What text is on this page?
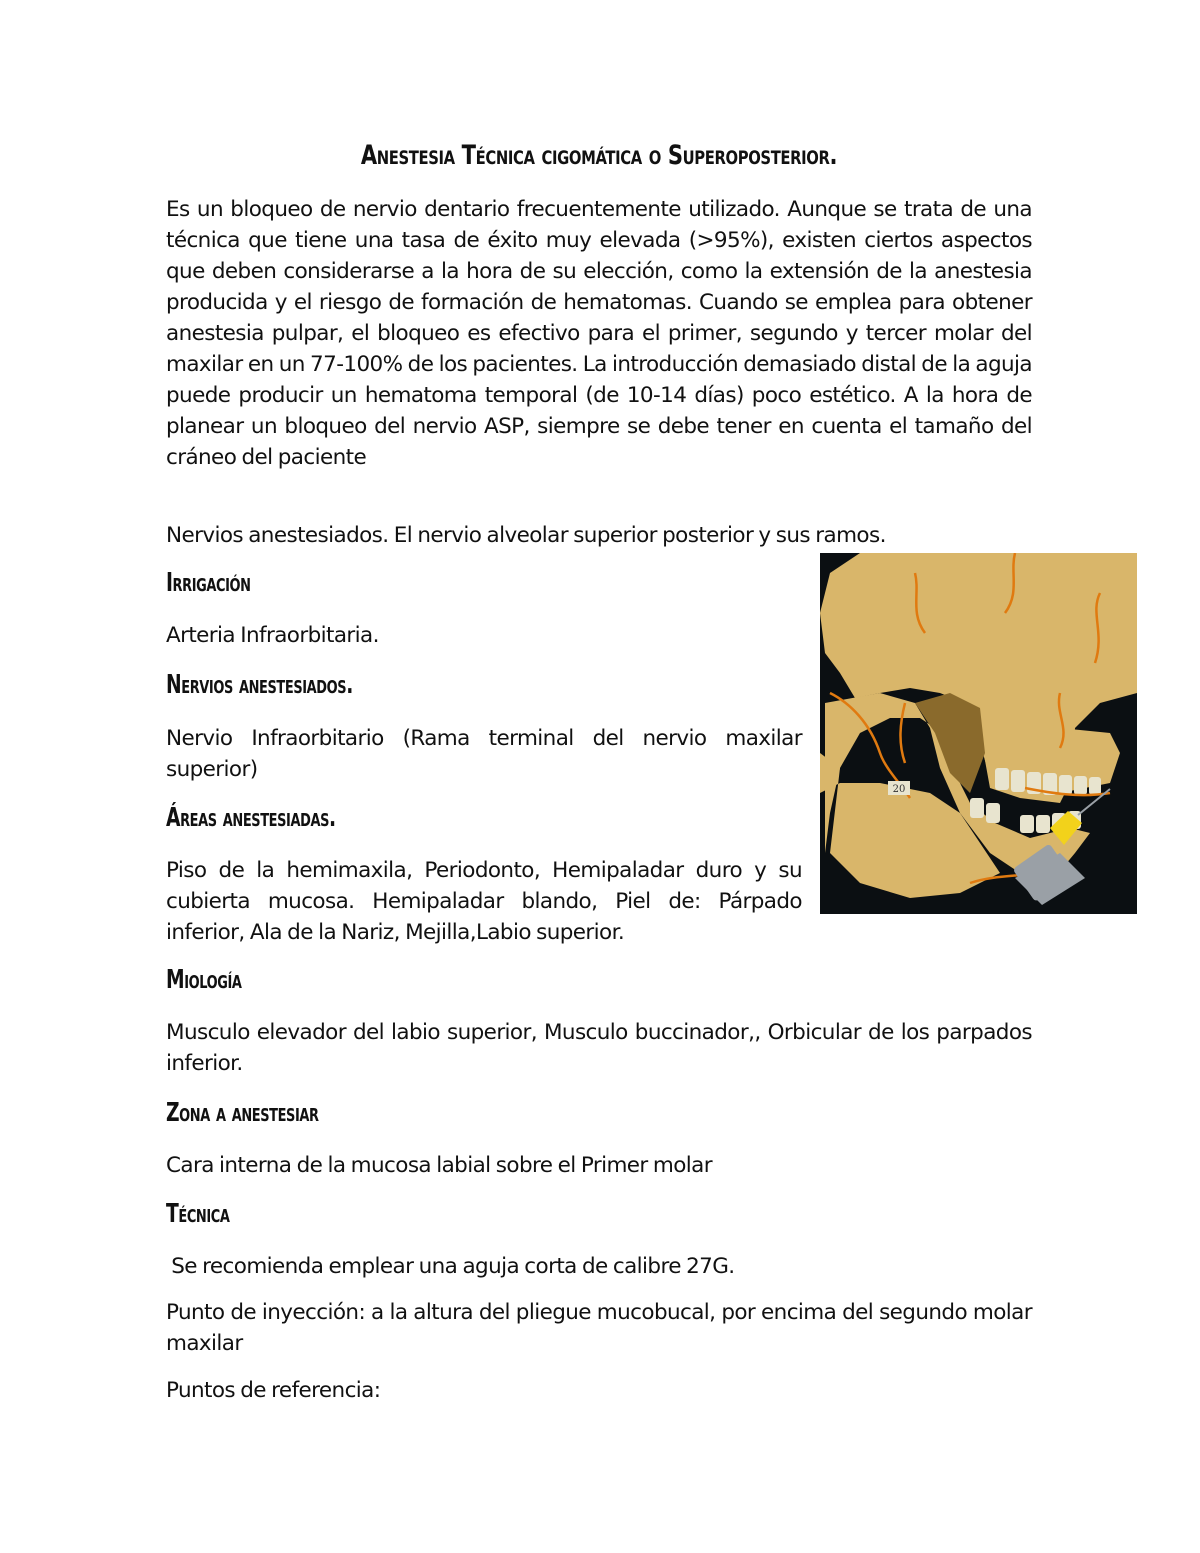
Anestesia Técnica cigomática o Superoposterior.

Es un bloqueo de nervio dentario frecuentemente utilizado. Aunque se trata de una técnica que tiene una tasa de éxito muy elevada (>95%), existen ciertos aspectos que deben considerarse a la hora de su elección, como la extensión de la anestesia producida y el riesgo de formación de hematomas. Cuando se emplea para obtener anestesia pulpar, el bloqueo es efectivo para el primer, segundo y tercer molar del maxilar en un 77-100% de los pacientes. La introducción demasiado distal de la aguja puede producir un hematoma temporal (de 10-14 días) poco estético. A la hora de planear un bloqueo del nervio ASP, siempre se debe tener en cuenta el tamaño del cráneo del paciente

Nervios anestesiados. El nervio alveolar superior posterior y sus ramos.

Irrigación

Arteria Infraorbitaria.

Nervios anestesiados.

Nervio Infraorbitario (Rama terminal del nervio maxilar superior)

Áreas anestesiadas.

Piso de la hemimaxila, Periodonto, Hemipaladar duro y su cubierta mucosa. Hemipaladar blando, Piel de: Párpado inferior, Ala de la Nariz, Mejilla,Labio superior.

Miología

Musculo elevador del labio superior, Musculo buccinador,, Orbicular de los parpados inferior.

Zona a anestesiar

Cara interna de la mucosa labial sobre el Primer molar

Técnica

Se recomienda emplear una aguja corta de calibre 27G.

Punto de inyección: a la altura del pliegue mucobucal, por encima del segundo molar maxilar

Puntos de referencia:

20
